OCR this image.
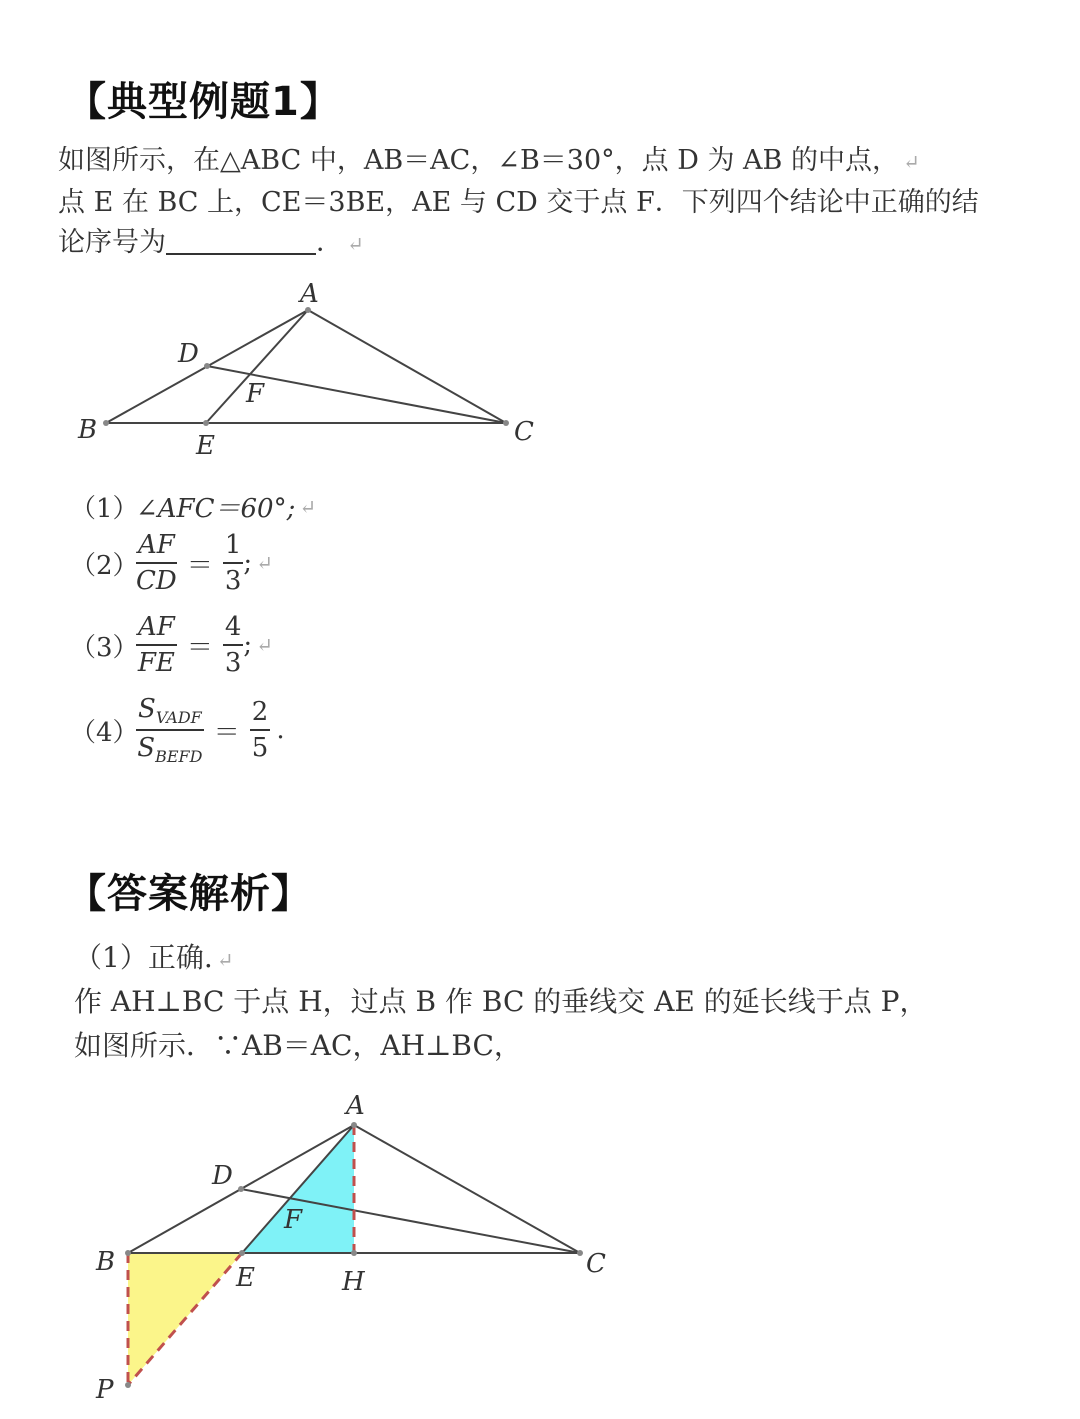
【典型例题1】
如图所示，在△ABC 中，AB＝AC，∠B＝30°，点 D 为 AB 的中点， ↵
点 E 在 BC 上，CE＝3BE，AE 与 CD 交于点 F．下列四个结论中正确的结
论序号为	． ↵
A
B	C
D
E
F
（1）
∠AFC＝60°; ↵
（2）
$\frac{AF}{CD} = \frac{1}{3}$ ; ↵
（3）
$\frac{AF}{FE} = \frac{4}{3}$ ; ↵
（4）
$\frac{S_{VADF}}{S_{BEFD}} = \frac{2}{5}$ .
【答案解析】
（1）正确. ↵
作 AH⊥BC 于点 H，过点 B 作 BC 的垂线交 AE 的延长线于点 P，
如图所示．∵AB＝AC，AH⊥BC，
A
B	C
D
E
F
H
P
